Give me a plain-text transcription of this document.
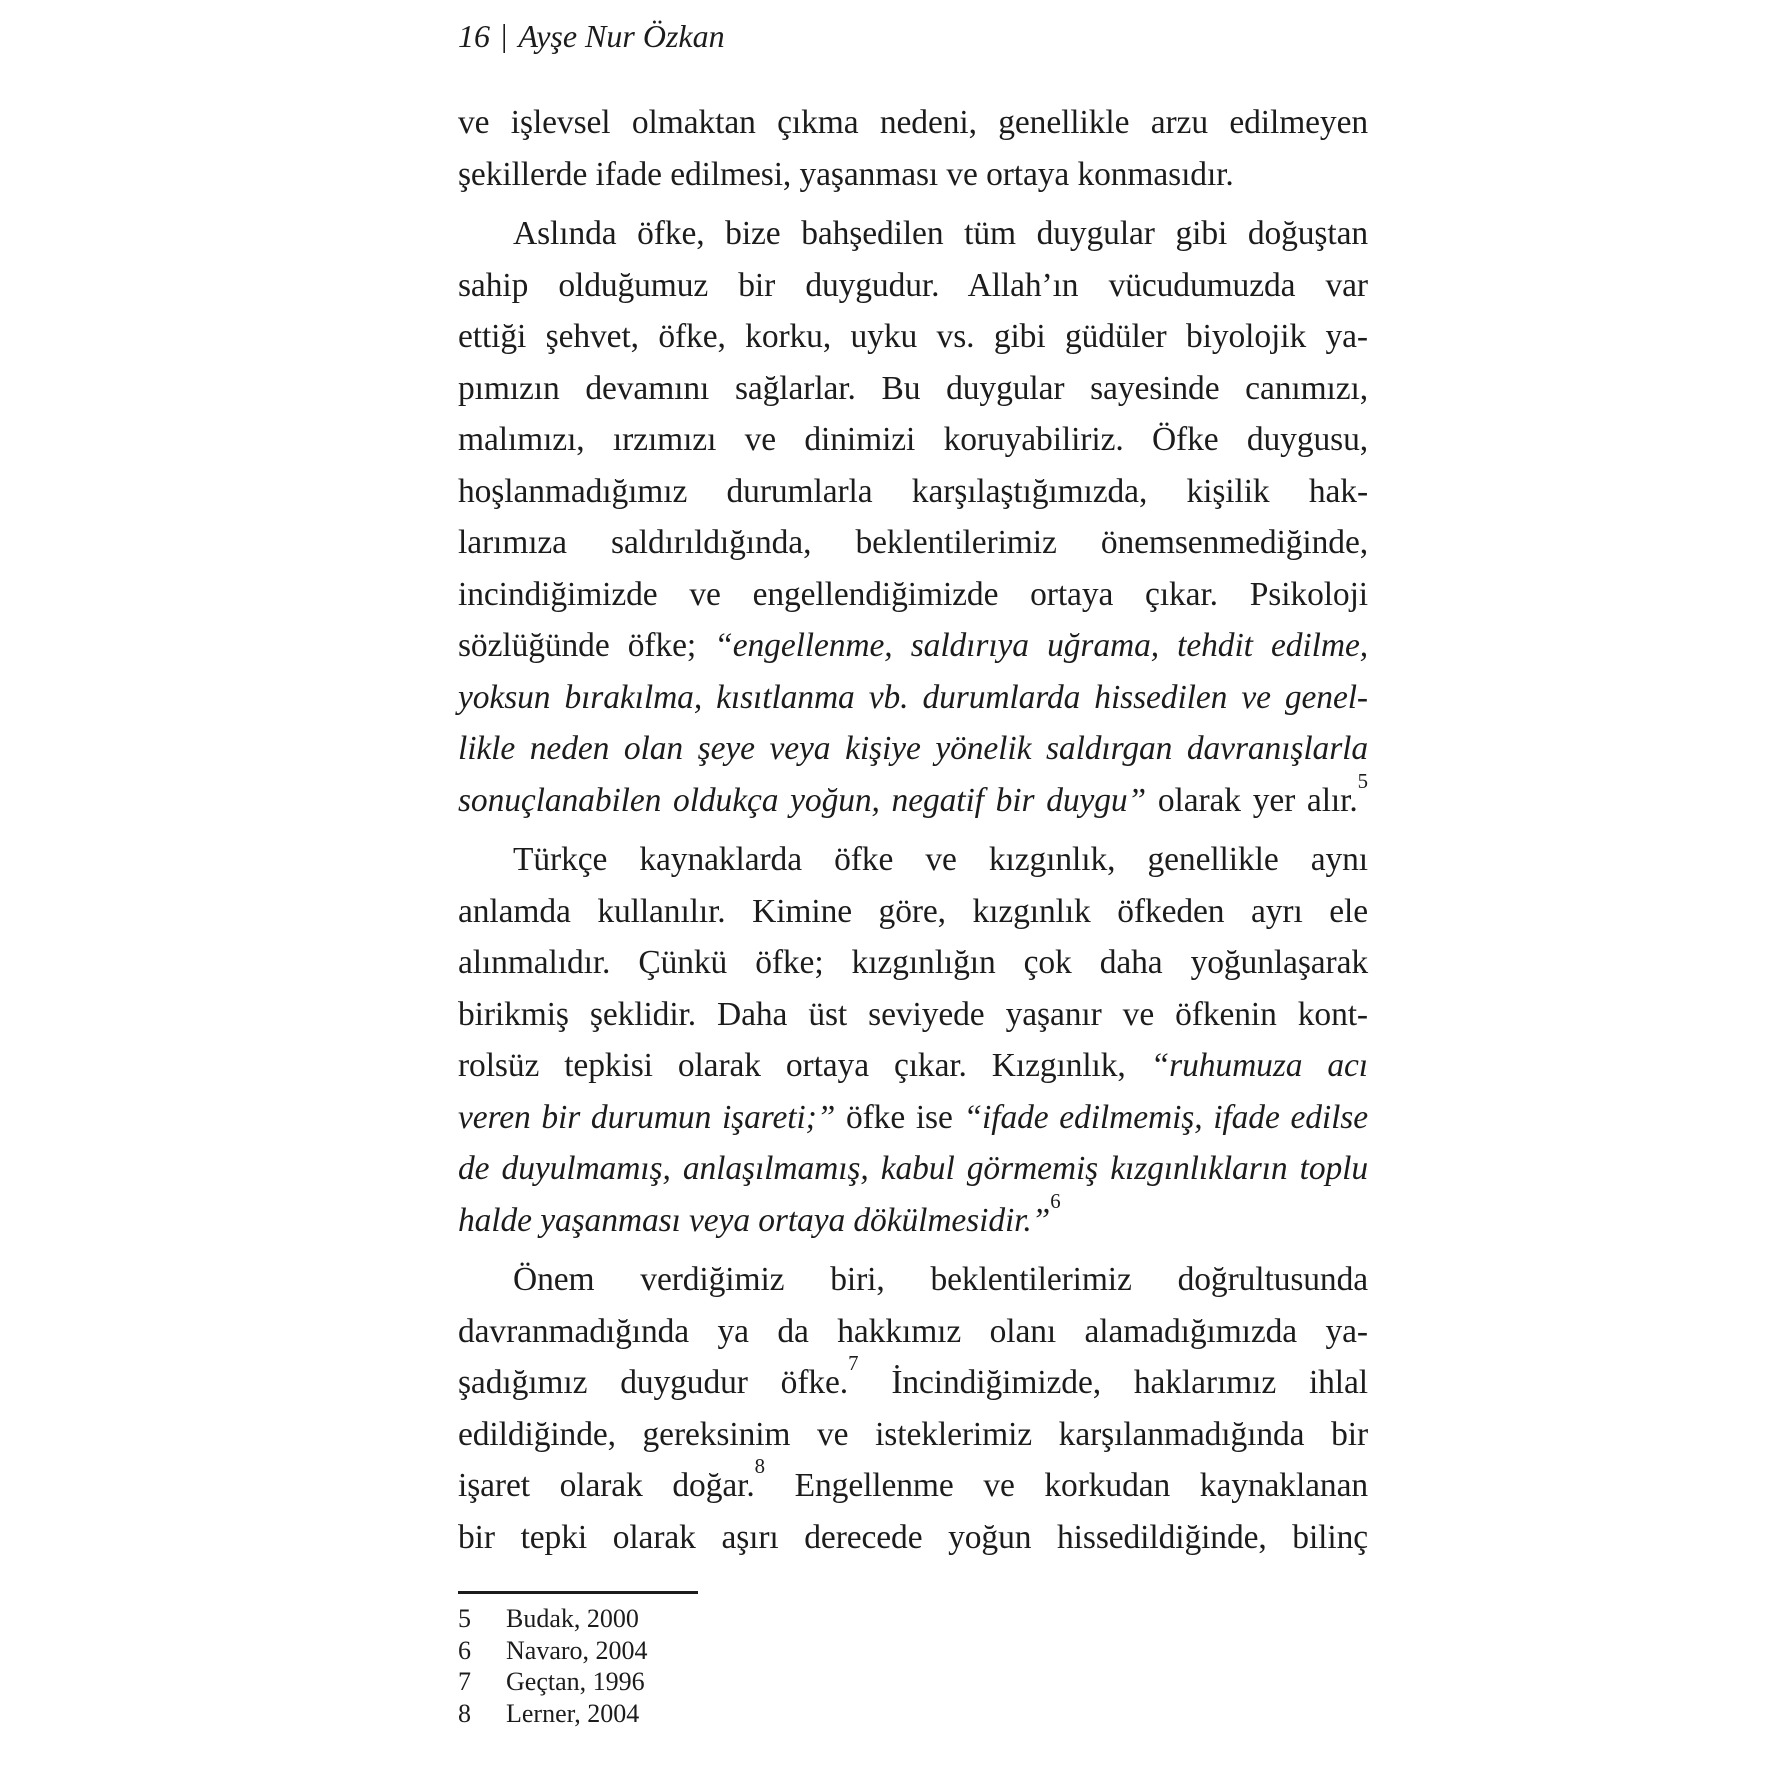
16 | Ayşe Nur Özkan
ve işlevsel olmaktan çıkma nedeni, genellikle arzu edilmeyen
şekillerde ifade edilmesi, yaşanması ve ortaya konmasıdır.
Aslında öfke, bize bahşedilen tüm duygular gibi doğuştan
sahip olduğumuz bir duygudur. Allah’ın vücudumuzda var
ettiği şehvet, öfke, korku, uyku vs. gibi güdüler biyolojik ya-
pımızın devamını sağlarlar. Bu duygular sayesinde canımızı,
malımızı, ırzımızı ve dinimizi koruyabiliriz. Öfke duygusu,
hoşlanmadığımız durumlarla karşılaştığımızda, kişilik hak-
larımıza saldırıldığında, beklentilerimiz önemsenmediğinde,
incindiğimizde ve engellendiğimizde ortaya çıkar. Psikoloji
sözlüğünde öfke; “engellenme, saldırıya uğrama, tehdit edilme,
yoksun bırakılma, kısıtlanma vb. durumlarda hissedilen ve genel-
likle neden olan şeye veya kişiye yönelik saldırgan davranışlarla
sonuçlanabilen oldukça yoğun, negatif bir duygu” olarak yer alır.$^5$
Türkçe kaynaklarda öfke ve kızgınlık, genellikle aynı
anlamda kullanılır. Kimine göre, kızgınlık öfkeden ayrı ele
alınmalıdır. Çünkü öfke; kızgınlığın çok daha yoğunlaşarak
birikmiş şeklidir. Daha üst seviyede yaşanır ve öfkenin kont-
rolsüz tepkisi olarak ortaya çıkar. Kızgınlık, “ruhumuza acı
veren bir durumun işareti;” öfke ise “ifade edilmemiş, ifade edilse
de duyulmamış, anlaşılmamış, kabul görmemiş kızgınlıkların toplu
halde yaşanması veya ortaya dökülmesidir.”$^6$
Önem verdiğimiz biri, beklentilerimiz doğrultusunda
davranmadığında ya da hakkımız olanı alamadığımızda ya-
şadığımız duygudur öfke.$^7$ İncindiğimizde, haklarımız ihlal
edildiğinde, gereksinim ve isteklerimiz karşılanmadığında bir
işaret olarak doğar.$^8$ Engellenme ve korkudan kaynaklanan
bir tepki olarak aşırı derecede yoğun hissedildiğinde, bilinç
5 Budak, 2000
6 Navaro, 2004
7 Geçtan, 1996
8 Lerner, 2004
